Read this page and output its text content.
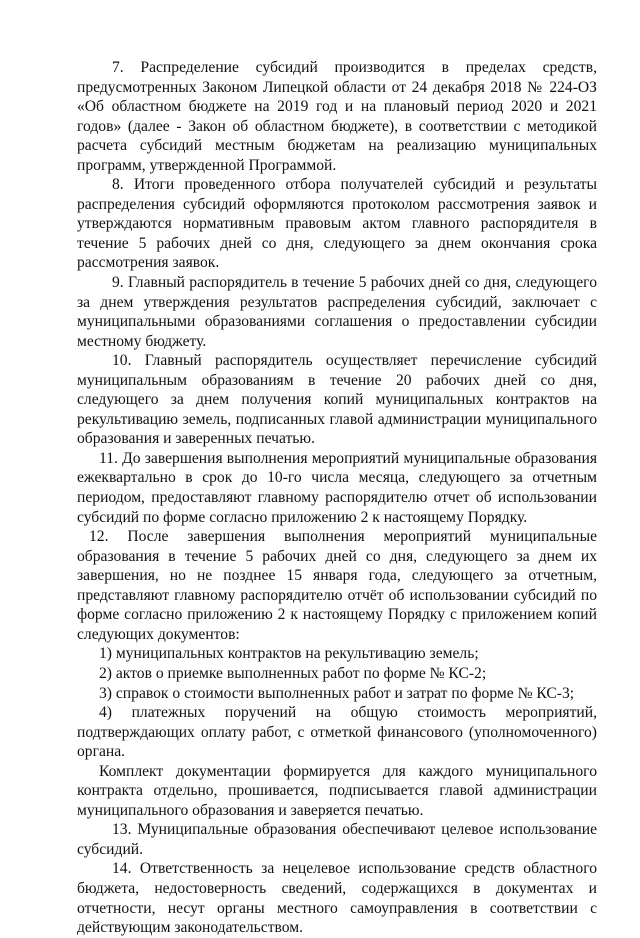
7. Распределение субсидий производится в пределах средств, предусмотренных Законом Липецкой области от 24 декабря 2018 № 224-ОЗ «Об областном бюджете на 2019 год и на плановый период 2020 и 2021 годов» (далее - Закон об областном бюджете), в соответствии с методикой расчета субсидий местным бюджетам на реализацию муниципальных программ, утвержденной Программой.

8. Итоги проведенного отбора получателей субсидий и результаты распределения субсидий оформляются протоколом рассмотрения заявок и утверждаются нормативным правовым актом главного распорядителя в течение 5 рабочих дней со дня, следующего за днем окончания срока рассмотрения заявок.

9. Главный распорядитель в течение 5 рабочих дней со дня, следующего за днем утверждения результатов распределения субсидий, заключает с муниципальными образованиями соглашения о предоставлении субсидии местному бюджету.

10. Главный распорядитель осуществляет перечисление субсидий муниципальным образованиям в течение 20 рабочих дней со дня, следующего за днем получения копий муниципальных контрактов на рекультивацию земель, подписанных главой администрации муниципального образования и заверенных печатью.

11. До завершения выполнения мероприятий муниципальные образования ежеквартально в срок до 10-го числа месяца, следующего за отчетным периодом, предоставляют главному распорядителю отчет об использовании субсидий по форме согласно приложению 2 к настоящему Порядку.

12. После завершения выполнения мероприятий муниципальные образования в течение 5 рабочих дней со дня, следующего за днем их завершения, но не позднее 15 января года, следующего за отчетным, представляют главному распорядителю отчёт об использовании субсидий по форме согласно приложению 2 к настоящему Порядку с приложением копий следующих документов:

1) муниципальных контрактов на рекультивацию земель;

2) актов о приемке выполненных работ по форме № КС-2;

3) справок о стоимости выполненных работ и затрат по форме № КС-3;

4) платежных поручений на общую стоимость мероприятий, подтверждающих оплату работ, с отметкой финансового (уполномоченного) органа.

Комплект документации формируется для каждого муниципального контракта отдельно, прошивается, подписывается главой администрации муниципального образования и заверяется печатью.

13. Муниципальные образования обеспечивают целевое использование субсидий.

14. Ответственность за нецелевое использование средств областного бюджета, недостоверность сведений, содержащихся в документах и отчетности, несут органы местного самоуправления в соответствии с действующим законодательством.
